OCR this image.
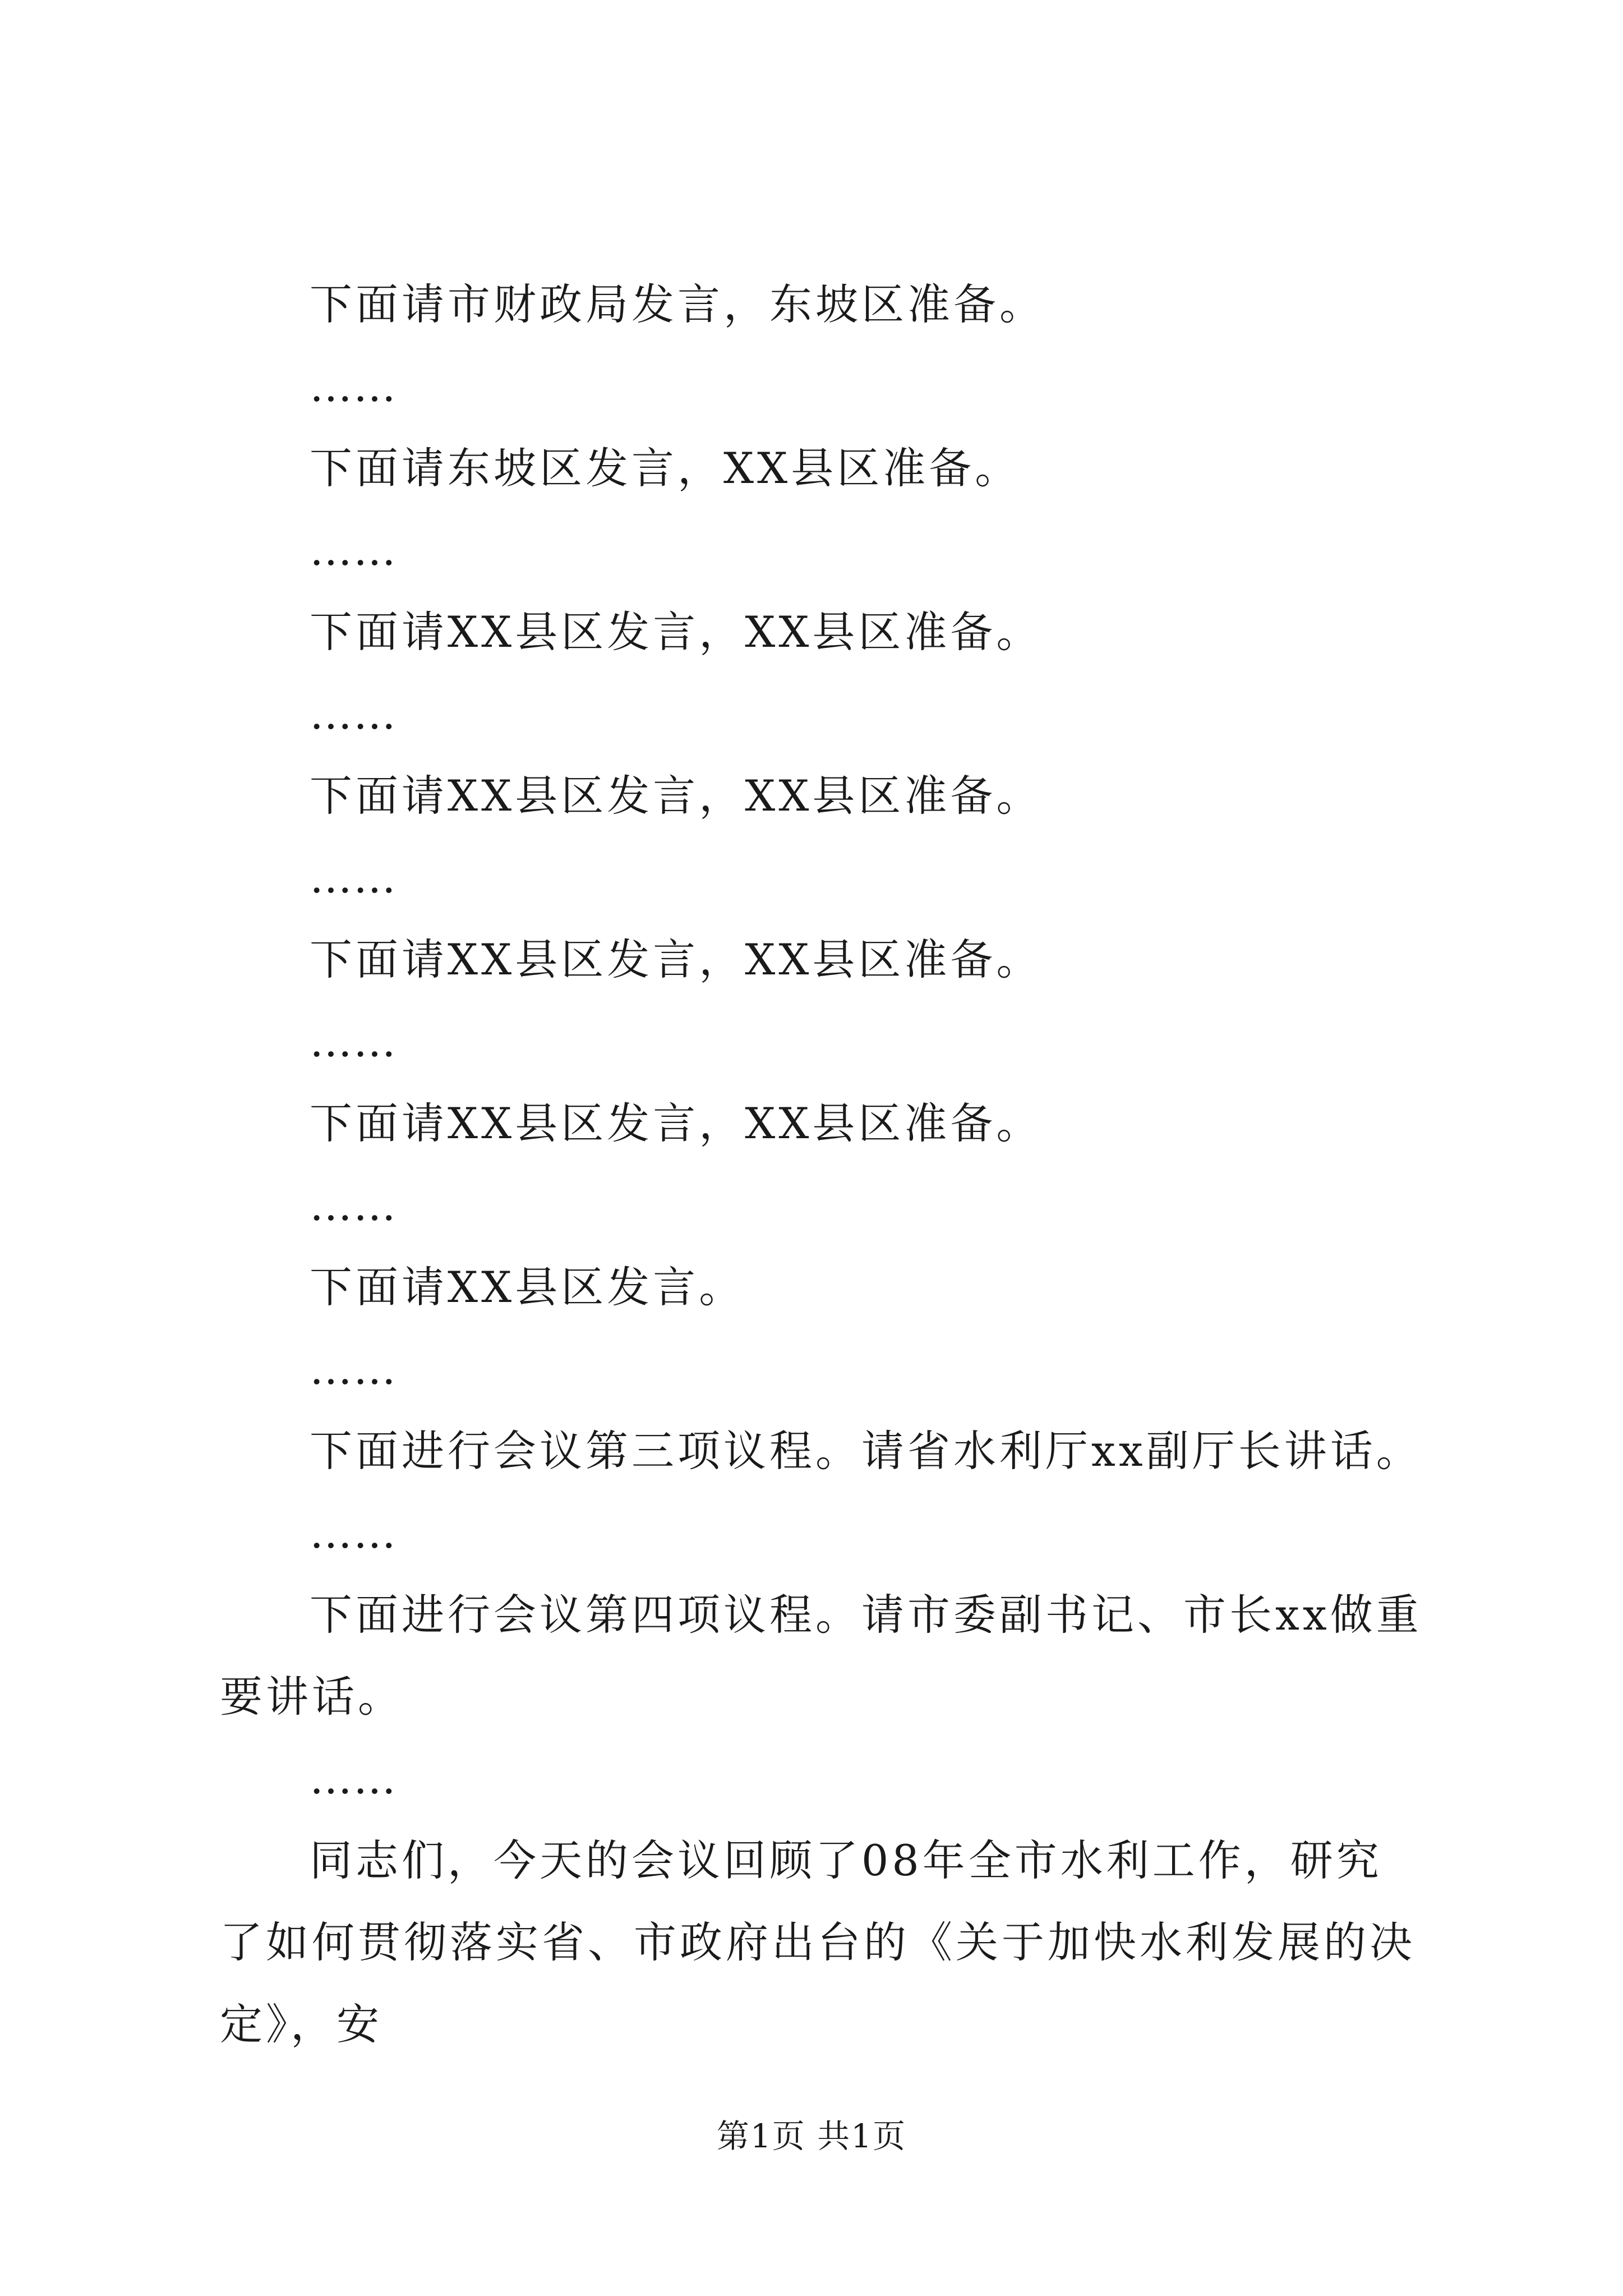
下面请市财政局发言，东坡区准备。

……

下面请东坡区发言，XX县区准备。

……

下面请XX县区发言，XX县区准备。

……

下面请XX县区发言，XX县区准备。

……

下面请XX县区发言，XX县区准备。

……

下面请XX县区发言，XX县区准备。

……

下面请XX县区发言。

……

下面进行会议第三项议程。请省水利厅xx副厅长讲话。

……

下面进行会议第四项议程。请市委副书记、市长xx做重要讲话。

……

同志们，今天的会议回顾了08年全市水利工作，研究了如何贯彻落实省、市政府出台的《关于加快水利发展的决定》，安

第1页 共1页
